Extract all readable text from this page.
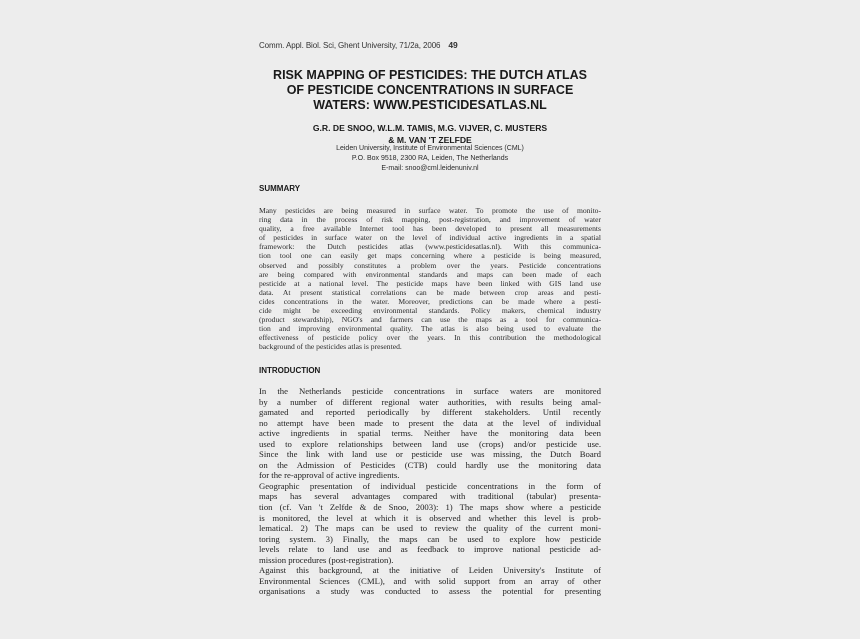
Comm. Appl. Biol. Sci, Ghent University, 71/2a, 2006 49
RISK MAPPING OF PESTICIDES: THE DUTCH ATLAS
OF PESTICIDE CONCENTRATIONS IN SURFACE
WATERS: WWW.PESTICIDESATLAS.NL
G.R. DE SNOO, W.L.M. TAMIS, M.G. VIJVER, C. MUSTERS
& M. VAN 'T ZELFDE
Leiden University, Institute of Environmental Sciences (CML)
P.O. Box 9518, 2300 RA, Leiden, The Netherlands
E-mail: snoo@cml.leidenuniv.nl
SUMMARY
Many pesticides are being measured in surface water. To promote the use of monito-
ring data in the process of risk mapping, post-registration, and improvement of water
quality, a free available Internet tool has been developed to present all measurements
of pesticides in surface water on the level of individual active ingredients in a spatial
framework: the Dutch pesticides atlas (www.pesticidesatlas.nl). With this communica-
tion tool one can easily get maps concerning where a pesticide is being measured,
observed and possibly constitutes a problem over the years. Pesticide concentrations
are being compared with environmental standards and maps can been made of each
pesticide at a national level. The pesticide maps have been linked with GIS land use
data. At present statistical correlations can be made between crop areas and pesti-
cides concentrations in the water. Moreover, predictions can be made where a pesti-
cide might be exceeding environmental standards. Policy makers, chemical industry
(product stewardship), NGO's and farmers can use the maps as a tool for communica-
tion and improving environmental quality. The atlas is also being used to evaluate the
effectiveness of pesticide policy over the years. In this contribution the methodological
background of the pesticides atlas is presented.
INTRODUCTION
In the Netherlands pesticide concentrations in surface waters are monitored
by a number of different regional water authorities, with results being amal-
gamated and reported periodically by different stakeholders. Until recently
no attempt have been made to present the data at the level of individual
active ingredients in spatial terms. Neither have the monitoring data been
used to explore relationships between land use (crops) and/or pesticide use.
Since the link with land use or pesticide use was missing, the Dutch Board
on the Admission of Pesticides (CTB) could hardly use the monitoring data
for the re-approval of active ingredients.
Geographic presentation of individual pesticide concentrations in the form of
maps has several advantages compared with traditional (tabular) presenta-
tion (cf. Van 't Zelfde & de Snoo, 2003): 1) The maps show where a pesticide
is monitored, the level at which it is observed and whether this level is prob-
lematical. 2) The maps can be used to review the quality of the current moni-
toring system. 3) Finally, the maps can be used to explore how pesticide
levels relate to land use and as feedback to improve national pesticide ad-
mission procedures (post-registration).
Against this background, at the initiative of Leiden University's Institute of
Environmental Sciences (CML), and with solid support from an array of other
organisations a study was conducted to assess the potential for presenting
